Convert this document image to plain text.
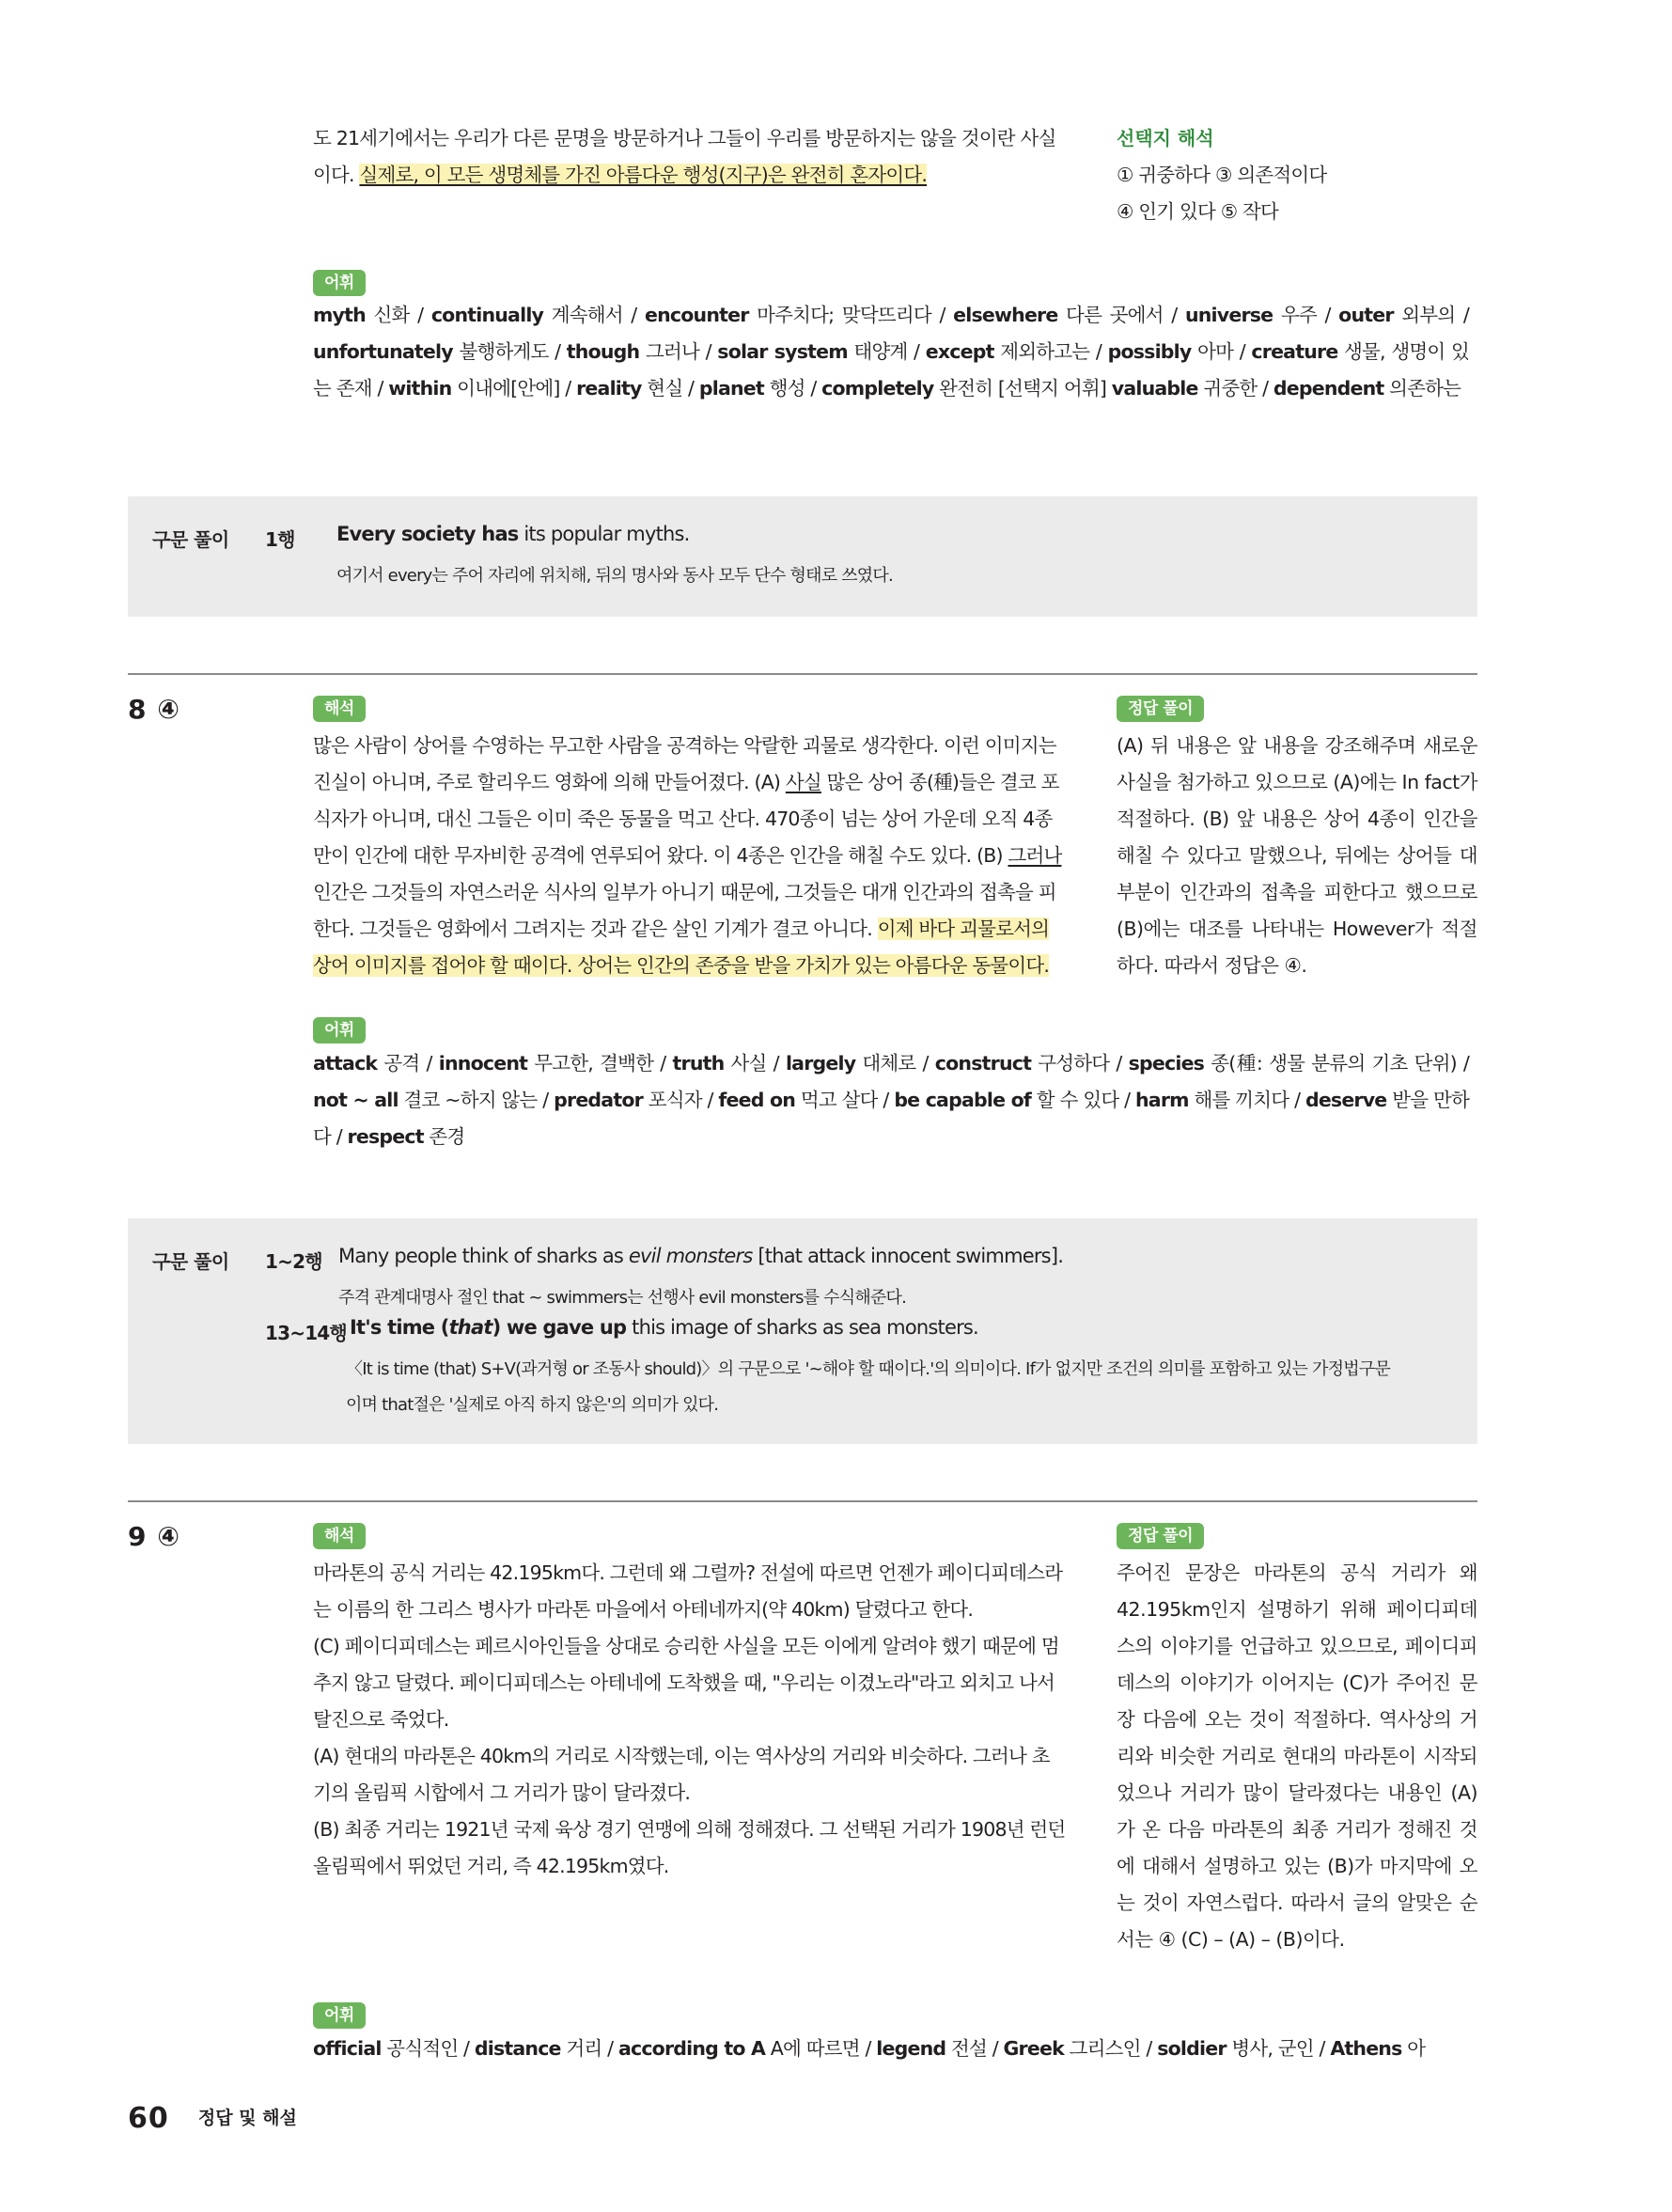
도 21세기에서는 우리가 다른 문명을 방문하거나 그들이 우리를 방문하지는 않을 것이란 사실

이다. 실제로, 이 모든 생명체를 가진 아름다운 행성(지구)은 완전히 혼자이다.

선택지 해석

① 귀중하다 ③ 의존적이다

④ 인기 있다 ⑤ 작다

어휘

myth 신화 / continually 계속해서 / encounter 마주치다; 맞닥뜨리다 / elsewhere 다른 곳에서 / universe 우주 / outer 외부의 / unfortunately 불행하게도 / though 그러나 / solar system 태양계 / except 제외하고는 / possibly 아마 / creature 생물, 생명이 있는 존재 / within 이내에[안에] / reality 현실 / planet 행성 / completely 완전히 [선택지 어휘] valuable 귀중한 / dependent 의존하는

구문 풀이 1행 Every society has its popular myths.
여기서 every는 주어 자리에 위치해, 뒤의 명사와 동사 모두 단수 형태로 쓰였다.
8 ④	해석

많은 사람이 상어를 수영하는 무고한 사람을 공격하는 악랄한 괴물로 생각한다. 이런 이미지는

진실이 아니며, 주로 할리우드 영화에 의해 만들어졌다. (A) 사실 많은 상어 종(種)들은 결코 포

식자가 아니며, 대신 그들은 이미 죽은 동물을 먹고 산다. 470종이 넘는 상어 가운데 오직 4종

만이 인간에 대한 무자비한 공격에 연루되어 왔다. 이 4종은 인간을 해칠 수도 있다. (B) 그러나

인간은 그것들의 자연스러운 식사의 일부가 아니기 때문에, 그것들은 대개 인간과의 접촉을 피

한다. 그것들은 영화에서 그려지는 것과 같은 살인 기계가 결코 아니다. 이제 바다 괴물로서의

상어 이미지를 접어야 할 때이다. 상어는 인간의 존중을 받을 가치가 있는 아름다운 동물이다.

정답 풀이
(A) 뒤 내용은 앞 내용을 강조해주며 새로운 사실을 첨가하고 있으므로 (A)에는 In fact가 적절하다. (B) 앞 내용은 상어 4종이 인간을 해칠 수 있다고 말했으나, 뒤에는 상어들 대부분이 인간과의 접촉을 피한다고 했으므로 (B)에는 대조를 나타내는 However가 적절하다. 따라서 정답은 ④.
어휘

attack 공격 / innocent 무고한, 결백한 / truth 사실 / largely 대체로 / construct 구성하다 / species 종(種: 생물 분류의 기초 단위) / not ~ all 결코 ~하지 않는 / predator 포식자 / feed on 먹고 살다 / be capable of 할 수 있다 / harm 해를 끼치다 / deserve 받을 만하다 / respect 존경

구문 풀이 1~2행 Many people think of sharks as evil monsters [that attack innocent swimmers].
주격 관계대명사 절인 that ~ swimmers는 선행사 evil monsters를 수식해준다.
13~14행 It's time (that) we gave up this image of sharks as sea monsters.
〈It is time (that) S+V(과거형 or 조동사 should)〉의 구문으로 '~해야 할 때이다.'의 의미이다. If가 없지만 조건의 의미를 포함하고 있는 가정법구문
이며 that절은 '실제로 아직 하지 않은'의 의미가 있다.
9 ④	해석

마라톤의 공식 거리는 42.195km다. 그런데 왜 그럴까? 전설에 따르면 언젠가 페이디피데스라

는 이름의 한 그리스 병사가 마라톤 마을에서 아테네까지(약 40km) 달렸다고 한다.

(C) 페이디피데스는 페르시아인들을 상대로 승리한 사실을 모든 이에게 알려야 했기 때문에 멈

추지 않고 달렸다. 페이디피데스는 아테네에 도착했을 때, "우리는 이겼노라"라고 외치고 나서

탈진으로 죽었다.

(A) 현대의 마라톤은 40km의 거리로 시작했는데, 이는 역사상의 거리와 비슷하다. 그러나 초

기의 올림픽 시합에서 그 거리가 많이 달라졌다.

(B) 최종 거리는 1921년 국제 육상 경기 연맹에 의해 정해졌다. 그 선택된 거리가 1908년 런던

올림픽에서 뛰었던 거리, 즉 42.195km였다.

정답 풀이
주어진 문장은 마라톤의 공식 거리가 왜 42.195km인지 설명하기 위해 페이디피데스의 이야기를 언급하고 있으므로, 페이디피데스의 이야기가 이어지는 (C)가 주어진 문장 다음에 오는 것이 적절하다. 역사상의 거리와 비슷한 거리로 현대의 마라톤이 시작되었으나 거리가 많이 달라졌다는 내용인 (A)가 온 다음 마라톤의 최종 거리가 정해진 것에 대해서 설명하고 있는 (B)가 마지막에 오는 것이 자연스럽다. 따라서 글의 알맞은 순서는 ④ (C) – (A) – (B)이다.
어휘

official 공식적인 / distance 거리 / according to A A에 따르면 / legend 전설 / Greek 그리스인 / soldier 병사, 군인 / Athens 아

60 정답 및 해설
